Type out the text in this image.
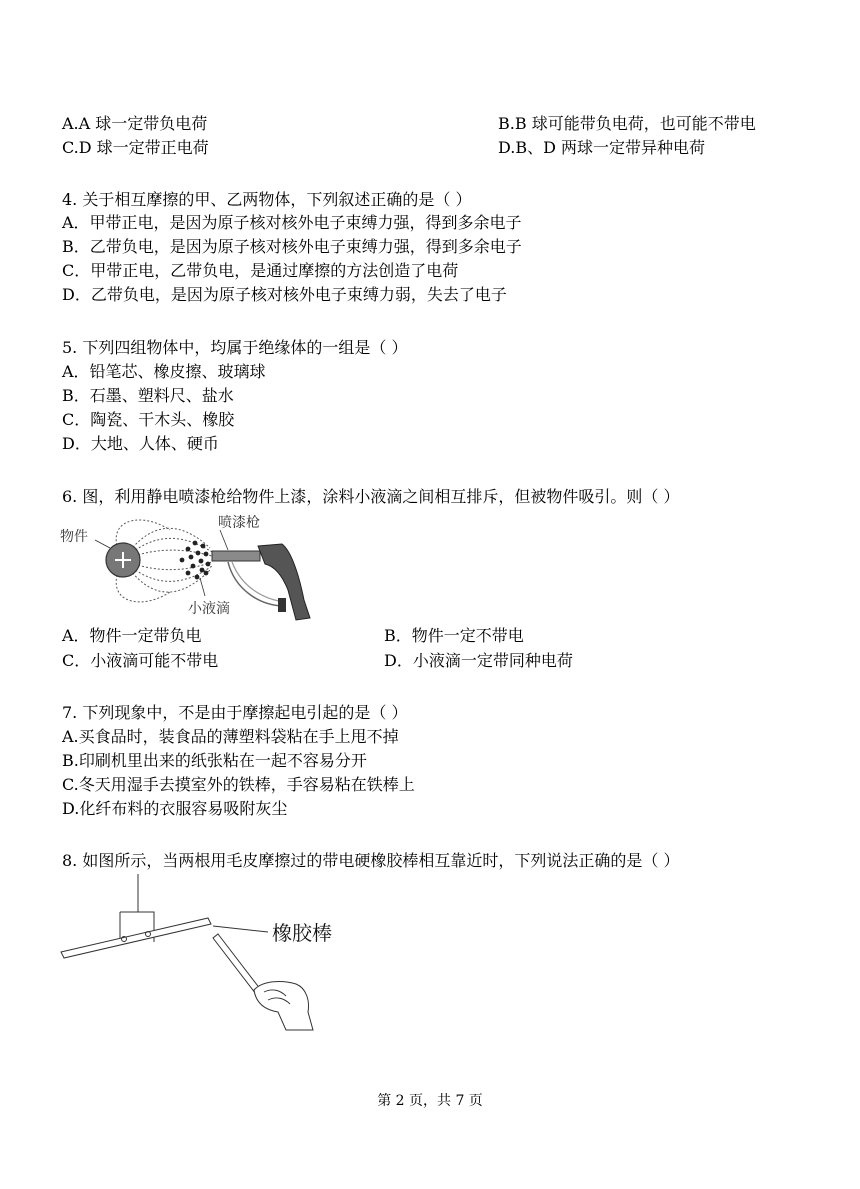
A.A 球一定带负电荷	B.B 球可能带负电荷，也可能不带电
C.D 球一定带正电荷	D.B、D 两球一定带异种电荷
4. 关于相互摩擦的甲、乙两物体，下列叙述正确的是（ ）
A．甲带正电，是因为原子核对核外电子束缚力强，得到多余电子
B．乙带负电，是因为原子核对核外电子束缚力强，得到多余电子
C．甲带正电，乙带负电，是通过摩擦的方法创造了电荷
D．乙带负电，是因为原子核对核外电子束缚力弱，失去了电子
5. 下列四组物体中，均属于绝缘体的一组是（ ）
A．铅笔芯、橡皮擦、玻璃球
B．石墨、塑料尺、盐水
C．陶瓷、干木头、橡胶
D．大地、人体、硬币
6. 图，利用静电喷漆枪给物件上漆，涂料小液滴之间相互排斥，但被物件吸引。则（ ）
物件
喷漆枪
小液滴
A．物件一定带负电	B．物件一定不带电
C．小液滴可能不带电	D．小液滴一定带同种电荷
7. 下列现象中，不是由于摩擦起电引起的是（ ）
A.买食品时，装食品的薄塑料袋粘在手上甩不掉
B.印刷机里出来的纸张粘在一起不容易分开
C.冬天用湿手去摸室外的铁棒，手容易粘在铁棒上
D.化纤布料的衣服容易吸附灰尘
8. 如图所示，当两根用毛皮摩擦过的带电硬橡胶棒相互靠近时，下列说法正确的是（ ）
橡胶棒
第 2 页，共 7 页
